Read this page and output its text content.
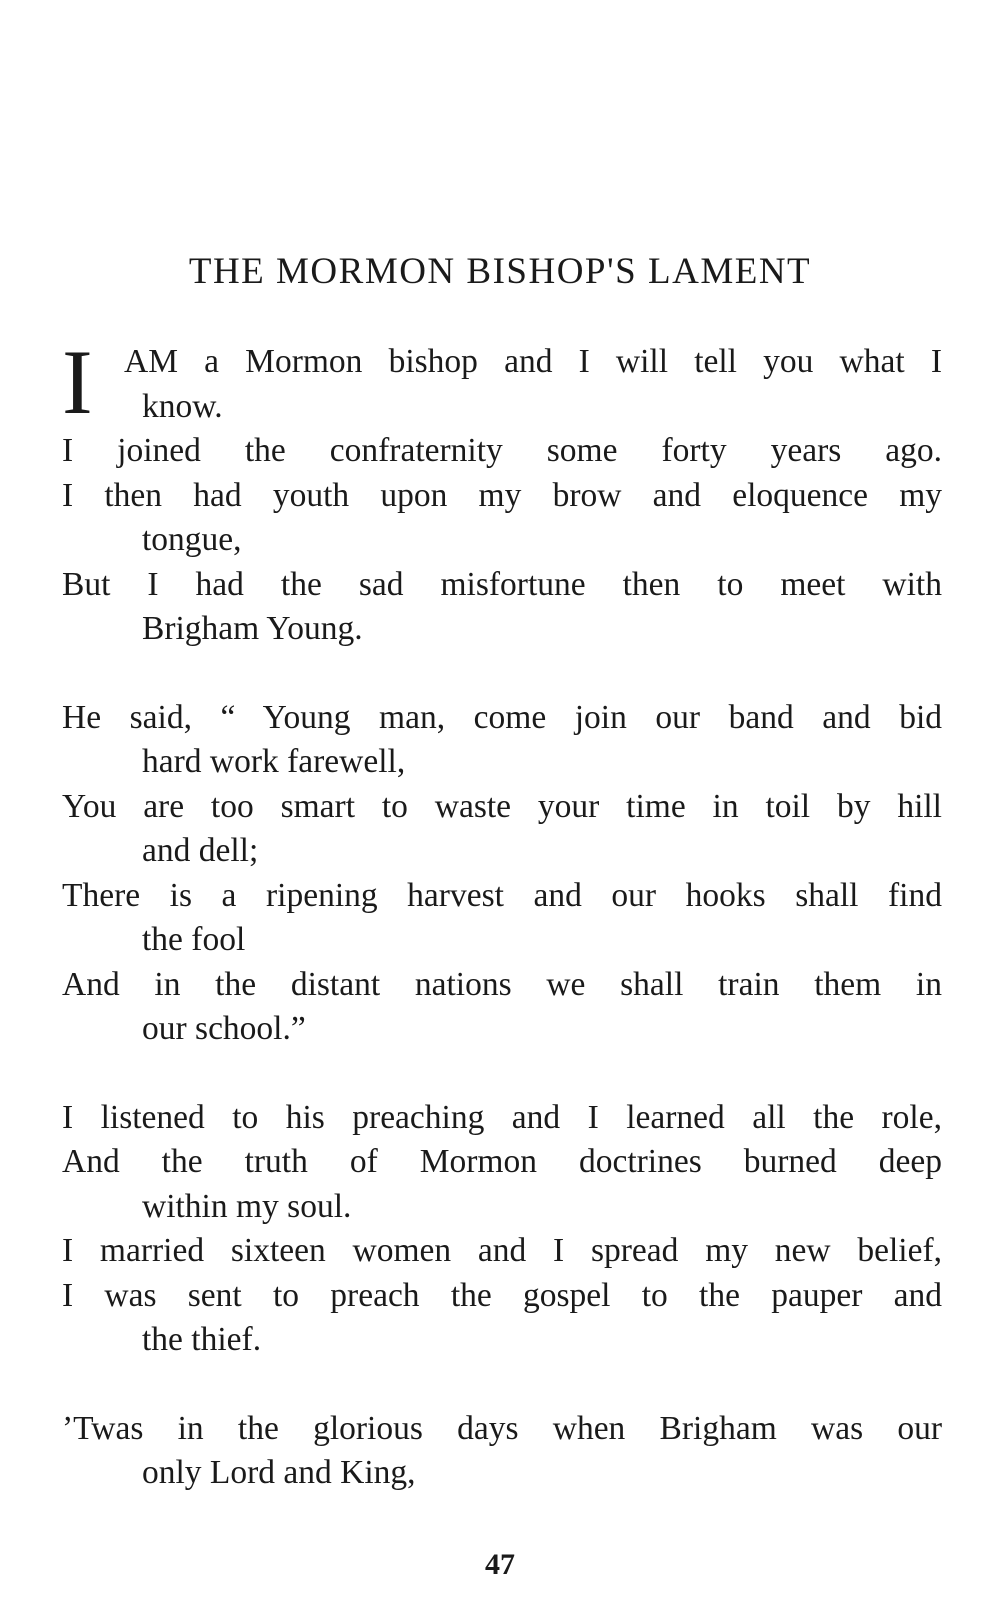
THE MORMON BISHOP'S LAMENT
I AM a Mormon bishop and I will tell you what I
know.
I joined the confraternity some forty years ago.
I then had youth upon my brow and eloquence my
tongue,
But I had the sad misfortune then to meet with
Brigham Young.
He said, “ Young man, come join our band and bid
hard work farewell,
You are too smart to waste your time in toil by hill
and dell;
There is a ripening harvest and our hooks shall find
the fool
And in the distant nations we shall train them in
our school.”
I listened to his preaching and I learned all the role,
And the truth of Mormon doctrines burned deep
within my soul.
I married sixteen women and I spread my new belief,
I was sent to preach the gospel to the pauper and
the thief.
’Twas in the glorious days when Brigham was our
only Lord and King,
47
